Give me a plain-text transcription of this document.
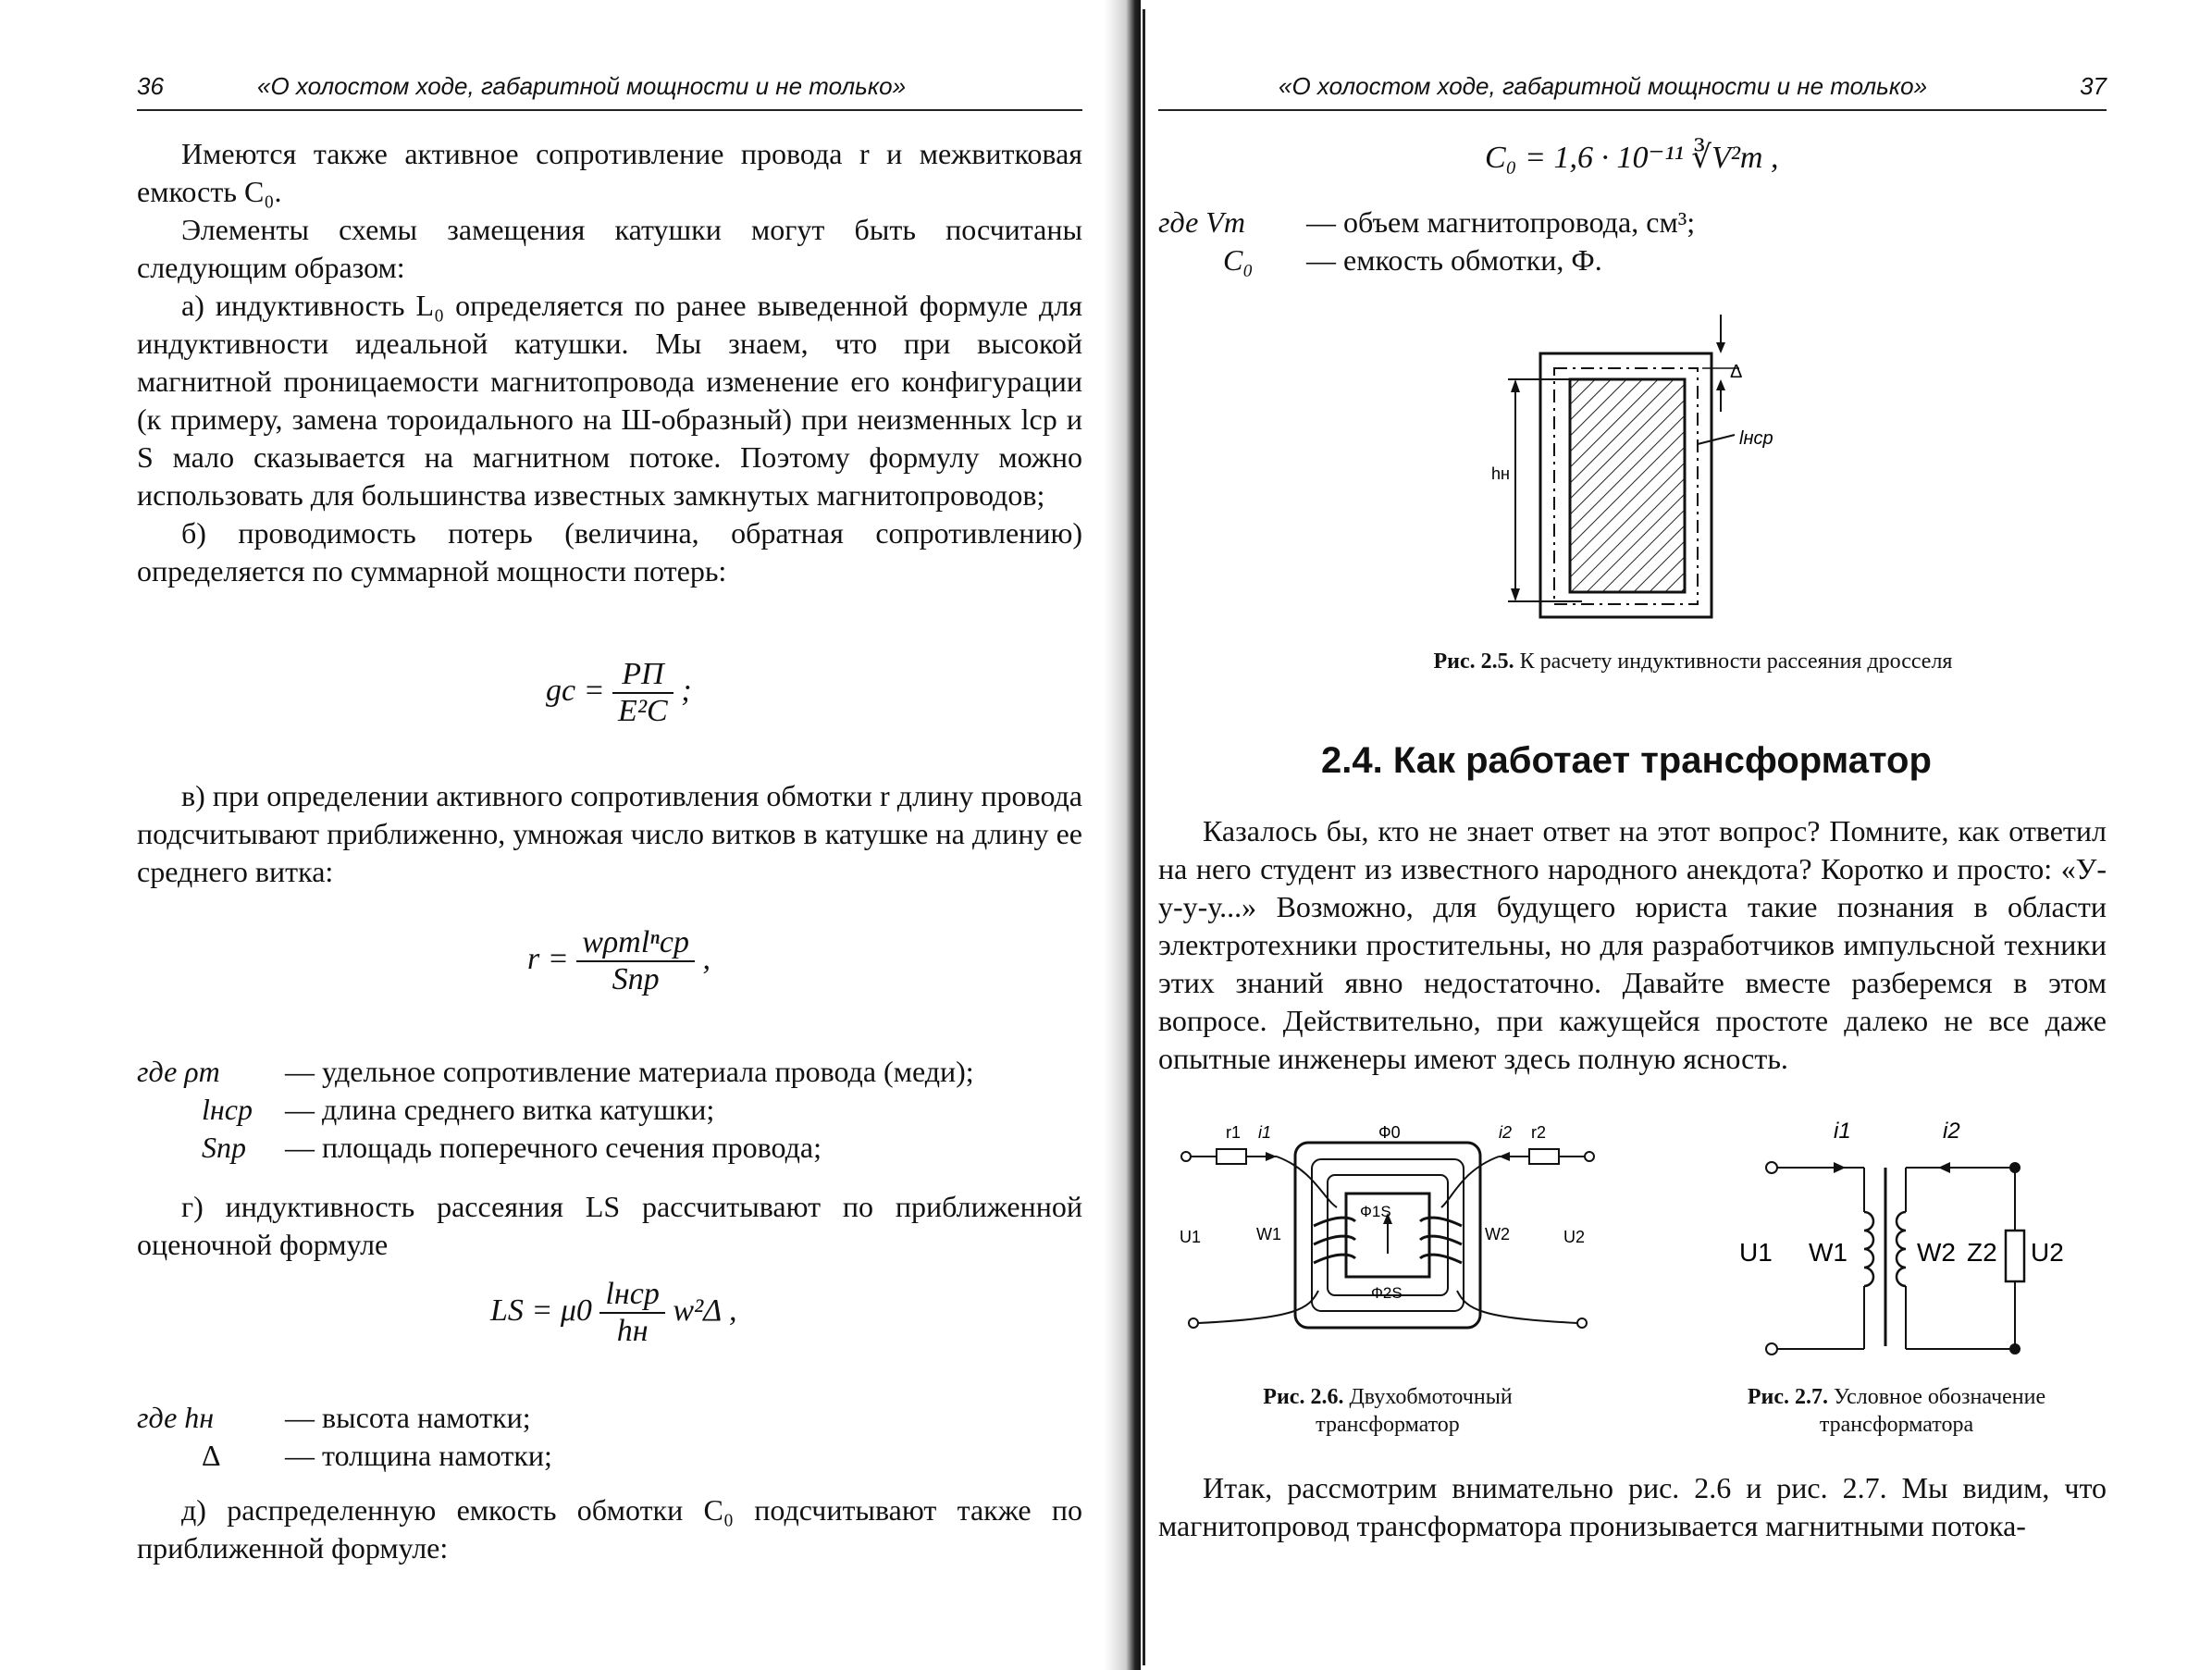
36	«О холостом ходе, габаритной мощности и не только»

Имеются также активное сопротивление провода r и межвитковая емкость C₀.

Элементы схемы замещения катушки могут быть посчитаны следующим образом:

а) индуктивность L₀ определяется по ранее выведенной формуле для индуктивности идеальной катушки. Мы знаем, что при высокой магнитной проницаемости магнитопровода изменение его конфигурации (к примеру, замена тороидального на Ш-образный) при неизменных lср и S мало сказывается на магнитном потоке. Поэтому формулу можно использовать для большинства известных замкнутых магнитопроводов;

б) проводимость потерь (величина, обратная сопротивлению) определяется по суммарной мощности потерь:

gc = $\frac{PП}{\text{E²C}}$ ;

в) при определении активного сопротивления обмотки r длину провода подсчитывают приближенно, умножая число витков в катушке на длину ее среднего витка:

$r = \frac{\text{wρmlⁿср}}{\text{Sпр}}$ ,
где ρm — удельное сопротивление материала провода (меди);
lнср — длина среднего витка катушки;
Sпр — площадь поперечного сечения провода;

г) индуктивность рассеяния LS рассчитывают по приближенной оценочной формуле

LS = $\mu 0 \frac{\text{lнср}}{hн} w^2\Delta$ ,
где hн — высота намотки;
Δ — толщина намотки;

д) распределенную емкость обмотки C₀ подсчитывают также по приближенной формуле:

«О холостом ходе, габаритной мощности и не только»	37
C₀ = 1,6 · 10⁻¹¹ ∛V²m ,
где Vm — объем магнитопровода, см³;
C₀ — емкость обмотки, Ф.
hн
Δ
lнср
Рис. 2.5. К расчету индуктивности рассеяния дросселя
2.4. Как работает трансформатор

Казалось бы, кто не знает ответ на этот вопрос? Помните, как ответил на него студент из известного народного анекдота? Коротко и просто: «У-у-у-у...» Возможно, для будущего юриста такие познания в области электротехники простительны, но для разработчиков импульсной техники этих знаний явно недостаточно. Давайте вместе разберемся в этом вопросе. Действительно, при кажущейся простоте далеко не все даже опытные инженеры имеют здесь полную ясность.

r1 i1	Ф0	i2 r2
U1	W1
Ф1S
W2	U2
Ф2S
Рис. 2.6. Двухобмоточный
трансформатор
i1	i2
U1 W1	W2 Z2 U2
Рис. 2.7. Условное обозначение
трансформатора

Итак, рассмотрим внимательно рис. 2.6 и рис. 2.7. Мы видим, что магнитопровод трансформатора пронизывается магнитными потока-
